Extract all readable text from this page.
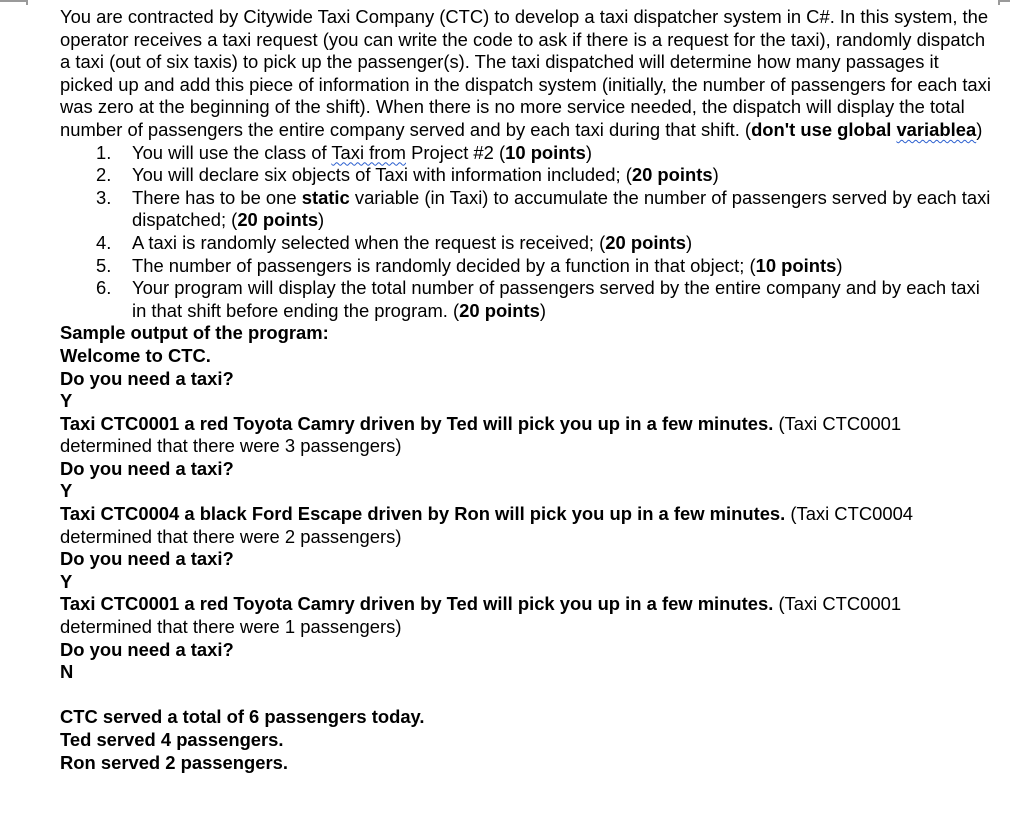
You are contracted by Citywide Taxi Company (CTC) to develop a taxi dispatcher system in C#. In this system, the operator receives a taxi request (you can write the code to ask if there is a request for the taxi), randomly dispatch a taxi (out of six taxis) to pick up the passenger(s). The taxi dispatched will determine how many passages it picked up and add this piece of information in the dispatch system (initially, the number of passengers for each taxi was zero at the beginning of the shift). When there is no more service needed, the dispatch will display the total number of passengers the entire company served and by each taxi during that shift. (don't use global variablea)

1. You will use the class of Taxi from Project #2 (10 points)
2. You will declare six objects of Taxi with information included; (20 points)
3. There has to be one static variable (in Taxi) to accumulate the number of passengers served by each taxi dispatched; (20 points)
4. A taxi is randomly selected when the request is received; (20 points)
5. The number of passengers is randomly decided by a function in that object; (10 points)
6. Your program will display the total number of passengers served by the entire company and by each taxi in that shift before ending the program. (20 points)

Sample output of the program:

Welcome to CTC.

Do you need a taxi?

Y

Taxi CTC0001 a red Toyota Camry driven by Ted will pick you up in a few minutes. (Taxi CTC0001 determined that there were 3 passengers)

Do you need a taxi?

Y

Taxi CTC0004 a black Ford Escape driven by Ron will pick you up in a few minutes. (Taxi CTC0004 determined that there were 2 passengers)

Do you need a taxi?

Y

Taxi CTC0001 a red Toyota Camry driven by Ted will pick you up in a few minutes. (Taxi CTC0001 determined that there were 1 passengers)

Do you need a taxi?

N

CTC served a total of 6 passengers today.

Ted served 4 passengers.

Ron served 2 passengers.
